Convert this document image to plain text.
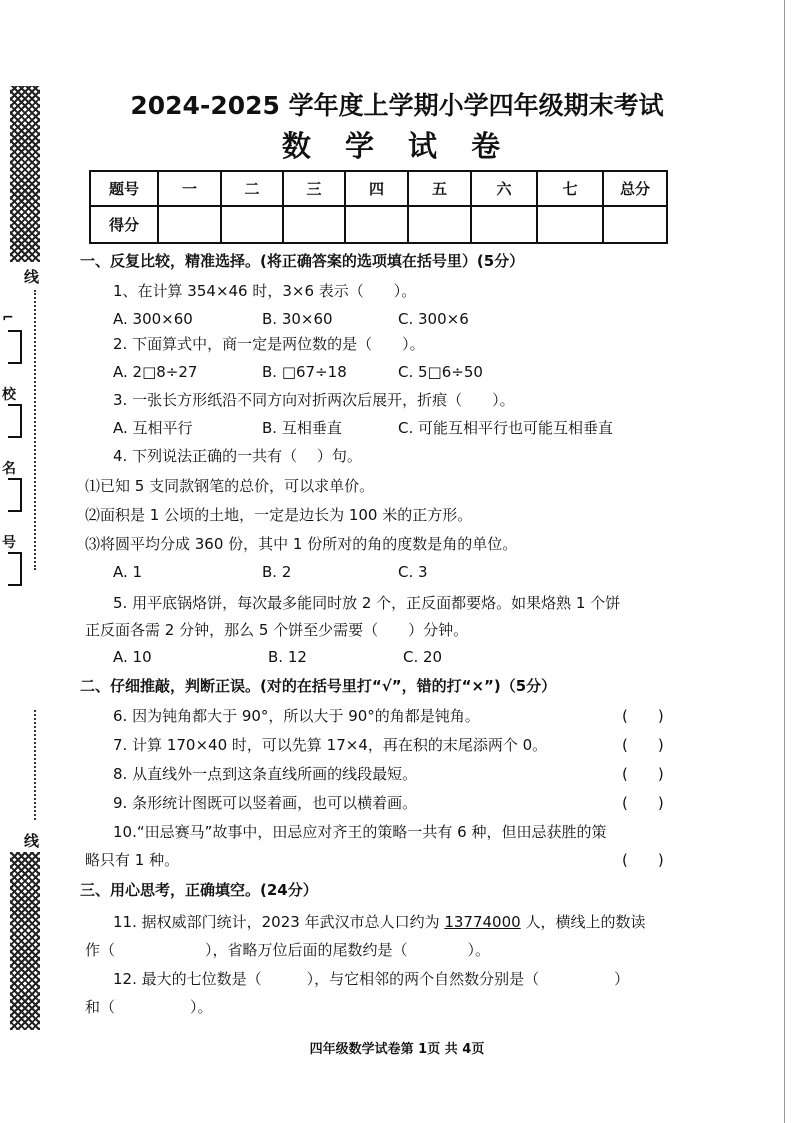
线
⌐
校
名
号
线
2024-2025 学年度上学期小学四年级期末考试
数 学 试 卷
题号	一	二	三	四	五	六	七	总分
得分								
一、反复比较，精准选择。(将正确答案的选项填在括号里）(5分）
1、在计算 354×46 时，3×6 表示（　　）。
A. 300×60	B. 30×60	C. 300×6
2. 下面算式中，商一定是两位数的是（　　）。
A. 2□8÷27	B. □67÷18	C. 5□6÷50
3. 一张长方形纸沿不同方向对折两次后展开，折痕（　　）。
A. 互相平行	B. 互相垂直	C. 可能互相平行也可能互相垂直
4. 下列说法正确的一共有（　 ）句。
⑴已知 5 支同款钢笔的总价，可以求单价。
⑵面积是 1 公顷的土地，一定是边长为 100 米的正方形。
⑶将圆平均分成 360 份，其中 1 份所对的角的度数是角的单位。
A. 1	B. 2	C. 3
5. 用平底锅烙饼，每次最多能同时放 2 个，正反面都要烙。如果烙熟 1 个饼
正反面各需 2 分钟，那么 5 个饼至少需要（　　）分钟。
A. 10	B. 12	C. 20
二、仔细推敲，判断正误。(对的在括号里打“√”，错的打“×”)（5分）
6. 因为钝角都大于 90°，所以大于 90°的角都是钝角。	(　　)
7. 计算 170×40 时，可以先算 17×4，再在积的末尾添两个 0。	(　　)
8. 从直线外一点到这条直线所画的线段最短。	(　　)
9. 条形统计图既可以竖着画，也可以横着画。	(　　)
10.“田忌赛马”故事中，田忌应对齐王的策略一共有 6 种，但田忌获胜的策
略只有 1 种。	(　　)
三、用心思考，正确填空。(24分）
11. 据权威部门统计，2023 年武汉市总人口约为 13774000 人，横线上的数读
作（　　　　　　），省略万位后面的尾数约是（　　　　）。
12. 最大的七位数是（　　　），与它相邻的两个自然数分别是（　　　　　）
和（　　　　　）。
四年级数学试卷第 1页 共 4页
